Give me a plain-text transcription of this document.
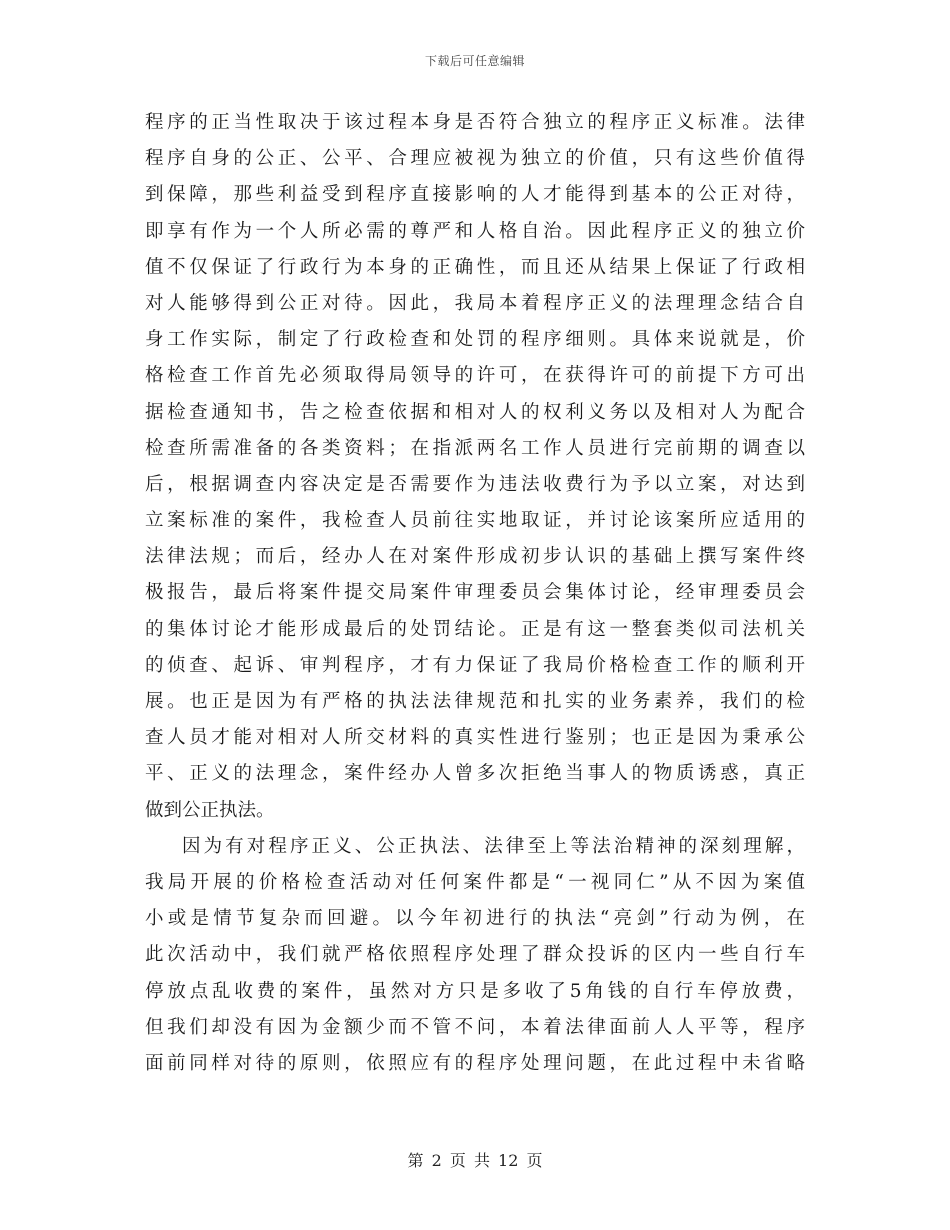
下载后可任意编辑
程序的正当性取决于该过程本身是否符合独立的程序正义标准。法律
程序自身的公正、公平、合理应被视为独立的价值，只有这些价值得
到保障，那些利益受到程序直接影响的人才能得到基本的公正对待，
即享有作为一个人所必需的尊严和人格自治。因此程序正义的独立价
值不仅保证了行政行为本身的正确性，而且还从结果上保证了行政相
对人能够得到公正对待。因此，我局本着程序正义的法理理念结合自
身工作实际，制定了行政检查和处罚的程序细则。具体来说就是，价
格检查工作首先必须取得局领导的许可，在获得许可的前提下方可出
据检查通知书，告之检查依据和相对人的权利义务以及相对人为配合
检查所需准备的各类资料；在指派两名工作人员进行完前期的调查以
后，根据调查内容决定是否需要作为违法收费行为予以立案，对达到
立案标准的案件，我检查人员前往实地取证，并讨论该案所应适用的
法律法规；而后，经办人在对案件形成初步认识的基础上撰写案件终
极报告，最后将案件提交局案件审理委员会集体讨论，经审理委员会
的集体讨论才能形成最后的处罚结论。正是有这一整套类似司法机关
的侦查、起诉、审判程序，才有力保证了我局价格检查工作的顺利开
展。也正是因为有严格的执法法律规范和扎实的业务素养，我们的检
查人员才能对相对人所交材料的真实性进行鉴别；也正是因为秉承公
平、正义的法理念，案件经办人曾多次拒绝当事人的物质诱惑，真正
做到公正执法。
因为有对程序正义、公正执法、法律至上等法治精神的深刻理解，
我局开展的价格检查活动对任何案件都是“一视同仁”从不因为案值
小或是情节复杂而回避。以今年初进行的执法“亮剑”行动为例，在
此次活动中，我们就严格依照程序处理了群众投诉的区内一些自行车
停放点乱收费的案件，虽然对方只是多收了5角钱的自行车停放费，
但我们却没有因为金额少而不管不问，本着法律面前人人平等，程序
面前同样对待的原则，依照应有的程序处理问题，在此过程中未省略
第 2 页 共 12 页
